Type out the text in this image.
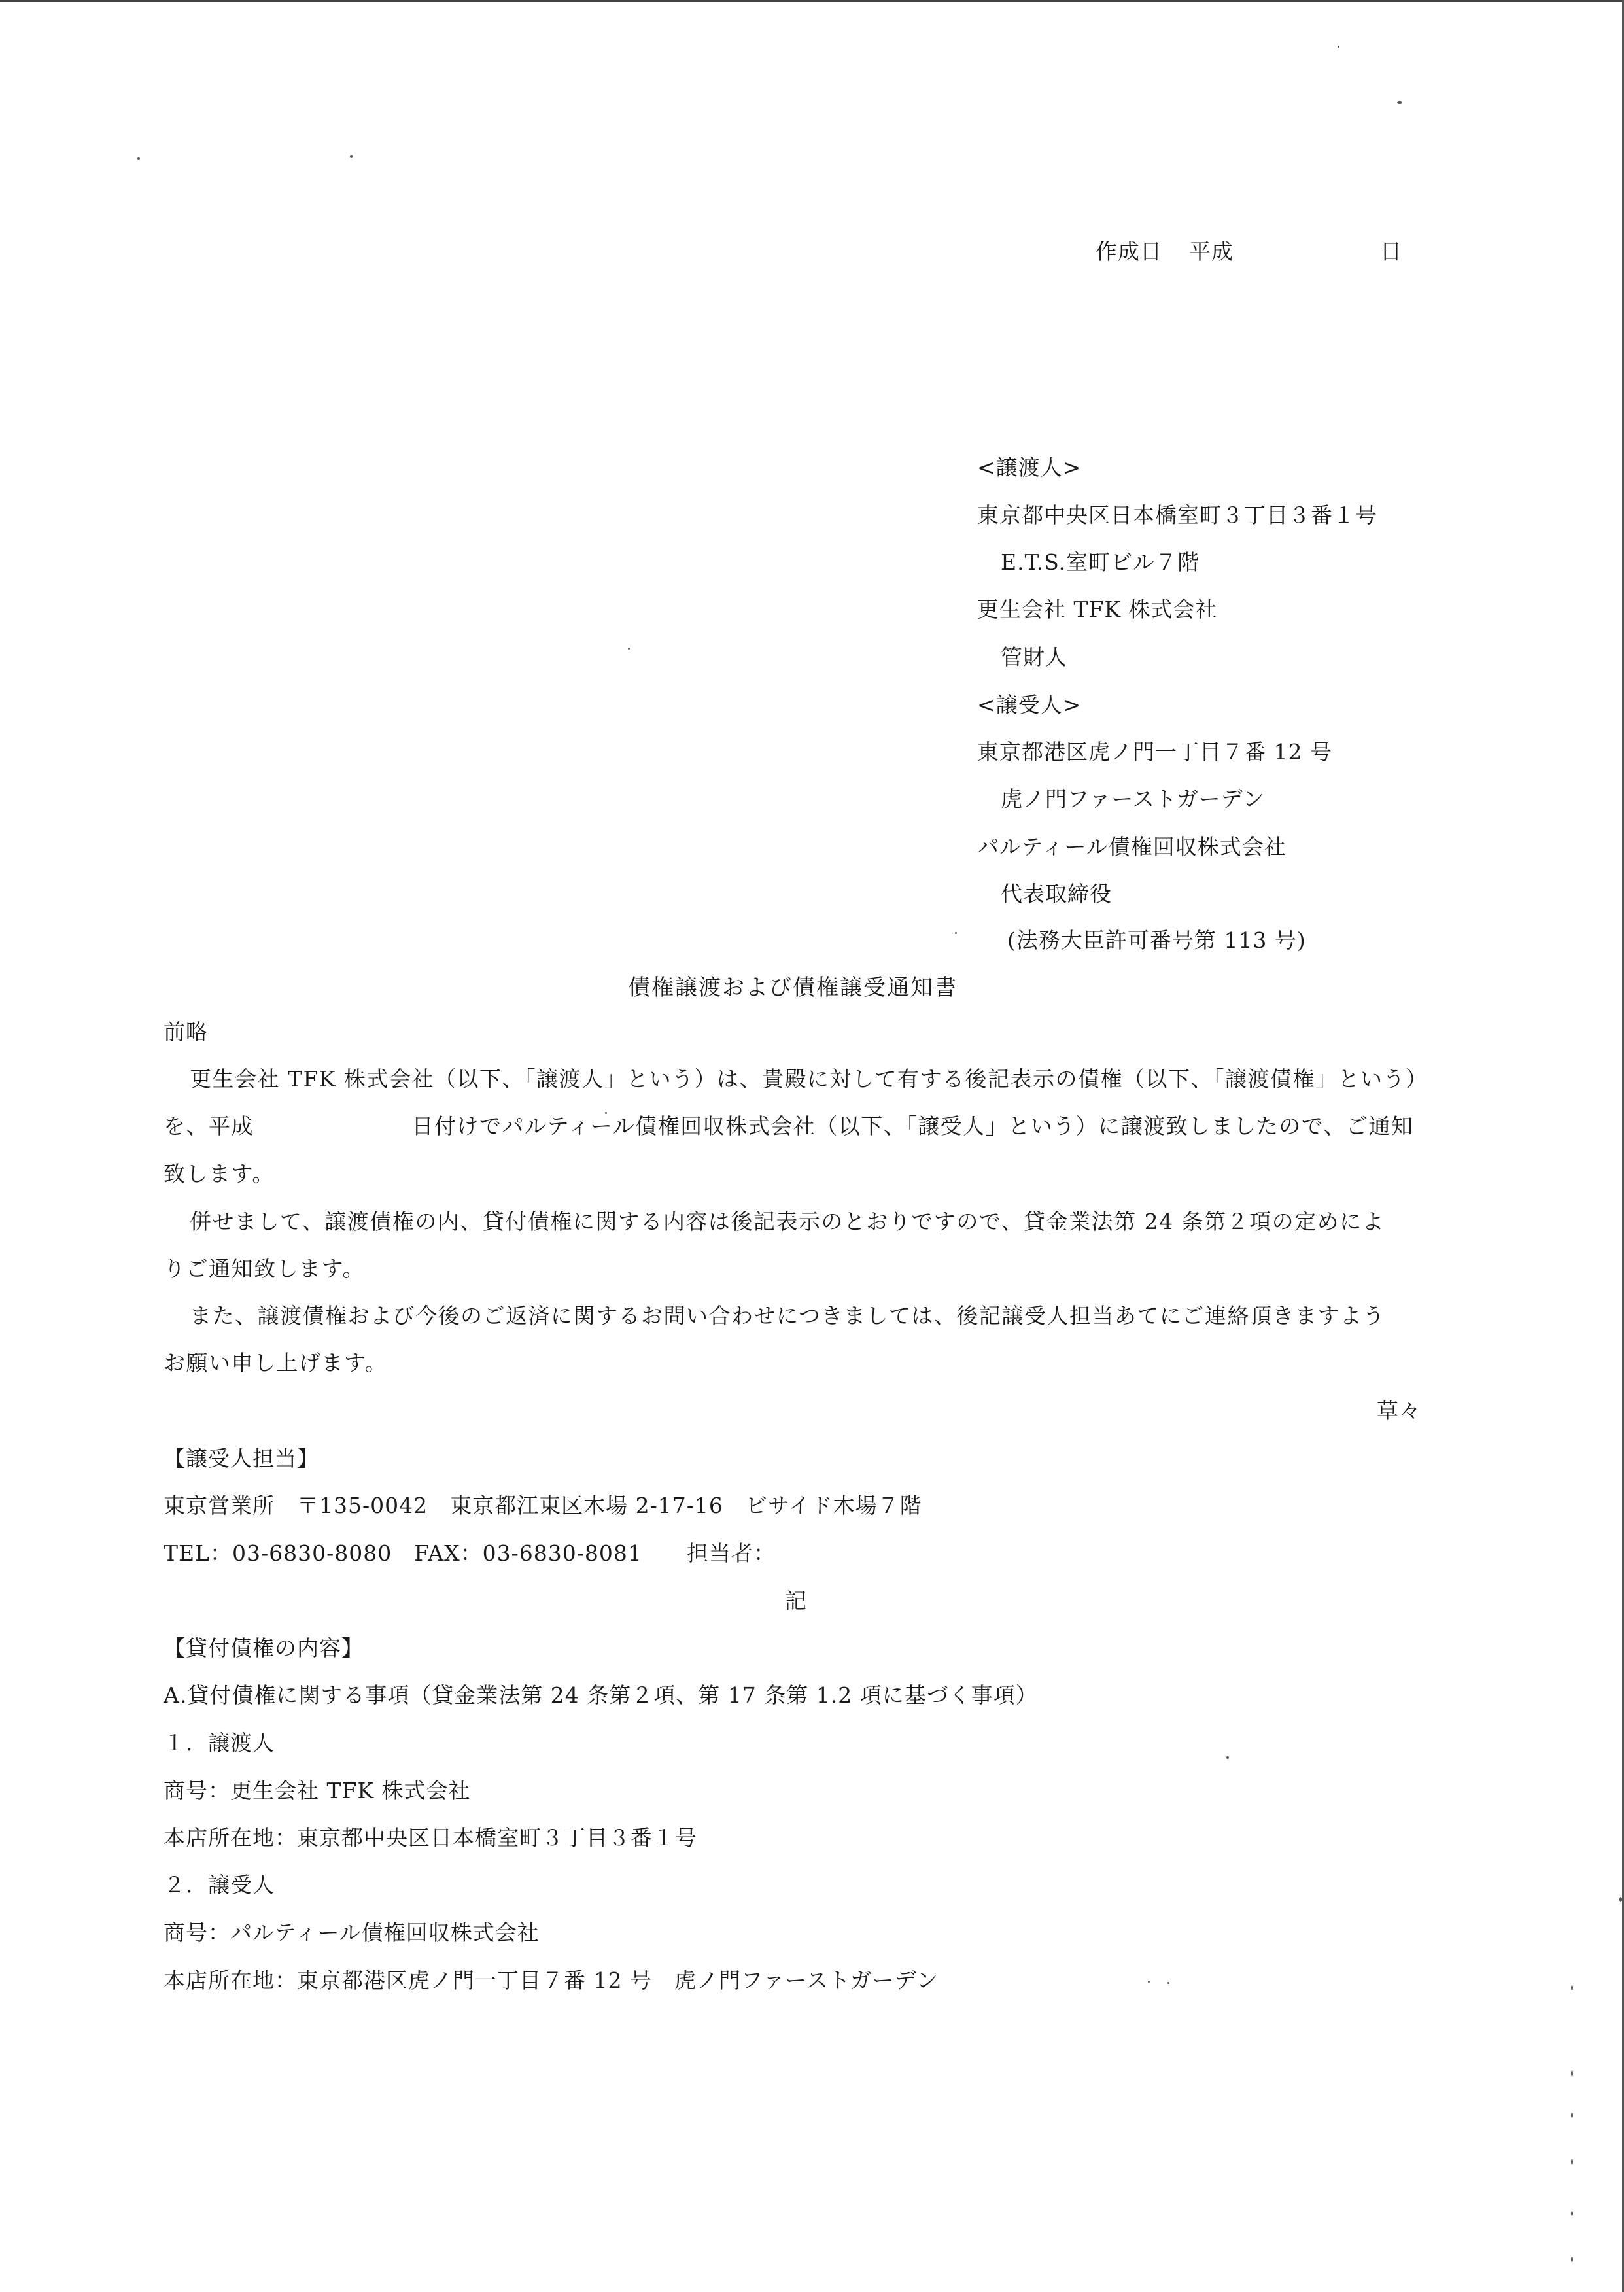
作成日 平成	日
<譲渡人>
東京都中央区日本橋室町３丁目３番１号
E.T.S.室町ビル７階
更生会社 TFK 株式会社
管財人
<譲受人>
東京都港区虎ノ門一丁目７番 12 号
虎ノ門ファーストガーデン
パルティール債権回収株式会社
代表取締役
(法務大臣許可番号第 113 号)
債権譲渡および債権譲受通知書
前略
更生会社 TFK 株式会社（以下、「譲渡人」という）は、貴殿に対して有する後記表示の債権（以下、「譲渡債権」という）
を、平成　　　　　　　日付けでパルティール債権回収株式会社（以下、「譲受人」という）に譲渡致しましたので、ご通知
致します。
併せまして、譲渡債権の内、貸付債権に関する内容は後記表示のとおりですので、貸金業法第 24 条第２項の定めによ
りご通知致します。
また、譲渡債権および今後のご返済に関するお問い合わせにつきましては、後記譲受人担当あてにご連絡頂きますよう
お願い申し上げます。
草々
【譲受人担当】
東京営業所　〒135-0042　東京都江東区木場 2-17-16　ビサイド木場７階
TEL：03-6830-8080　FAX：03-6830-8081　　担当者：
記
【貸付債権の内容】
A.貸付債権に関する事項（貸金業法第 24 条第２項、第 17 条第 1.2 項に基づく事項）
１．譲渡人
商号：更生会社 TFK 株式会社
本店所在地：東京都中央区日本橋室町３丁目３番１号
２．譲受人
商号：パルティール債権回収株式会社
本店所在地：東京都港区虎ノ門一丁目７番 12 号　虎ノ門ファーストガーデン
